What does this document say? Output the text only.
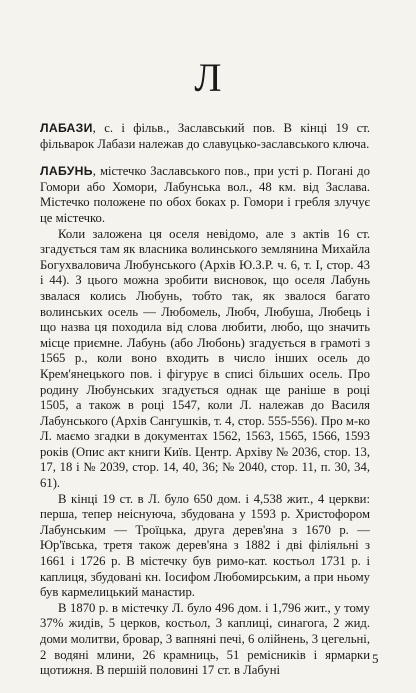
Л

ЛАБАЗИ, с. і фільв., Заславський пов. В кінці 19 ст. фільварок Лабази належав до славуцько-заславського ключа.

ЛАБУНЬ, містечко Заславського пов., при усті р. Погані до Гомори або Хомори, Лабунська вол., 48 км. від Заслава. Містечко положене по обох боках р. Гомори і гребля злучує це містечко.

Коли заложена ця оселя невідомо, але з актів 16 ст. згадується там як власника волинського землянина Михайла Богухвалoвича Любунського (Архів Ю.З.Р. ч. 6, т. І, стор. 43 і 44). З цього можна зробити висновок, що оселя Лабунь звалася колись Любунь, тобто так, як звалося багато волинських осель — Любомель, Любч, Любушa, Любець і що назва ця походила від слова любити, любо, що значить місце приємне. Лабунь (або Любонь) згадується в грамоті з 1565 р., коли воно входить в число інших осель до Крем'янецького пов. і фігурує в списі більших осель. Про родину Любунських згадується однак ще раніше в році 1505, а також в році 1547, коли Л. належав до Василя Лабунського (Архів Сангушків, т. 4, стор. 555-556). Про м-ко Л. маємо згадки в документах 1562, 1563, 1565, 1566, 1593 років (Опис акт книги Київ. Центр. Архіву № 2036, стор. 13, 17, 18 і № 2039, стор. 14, 40, 36; № 2040, стор. 11, п. 30, 34, 61).

В кінці 19 ст. в Л. було 650 дом. і 4,538 жит., 4 церкви: перша, тепер неіснуюча, збудована у 1593 р. Христофором Лабунським — Троїцька, друга дерев'яна з 1670 р. — Юр'ївська, третя також дерев'яна з 1882 і дві філіяльні з 1661 і 1726 р. В містечку був римо-кат. костьол 1731 р. і каплиця, збудовані кн. Іосифом Любомирським, а при ньому був кармелицький манастир.

В 1870 р. в містечку Л. було 496 дом. і 1,796 жит., у тому 37% жидів, 5 церков, костьол, 3 каплиці, синагога, 2 жид. доми молитви, бровар, 3 вапняні печі, 6 олійнeнь, 3 цегельні, 2 водяні млини, 26 крамниць, 51 ремісників і ярмарки щотижня. В першій половині 17 ст. в Лабуні

5
